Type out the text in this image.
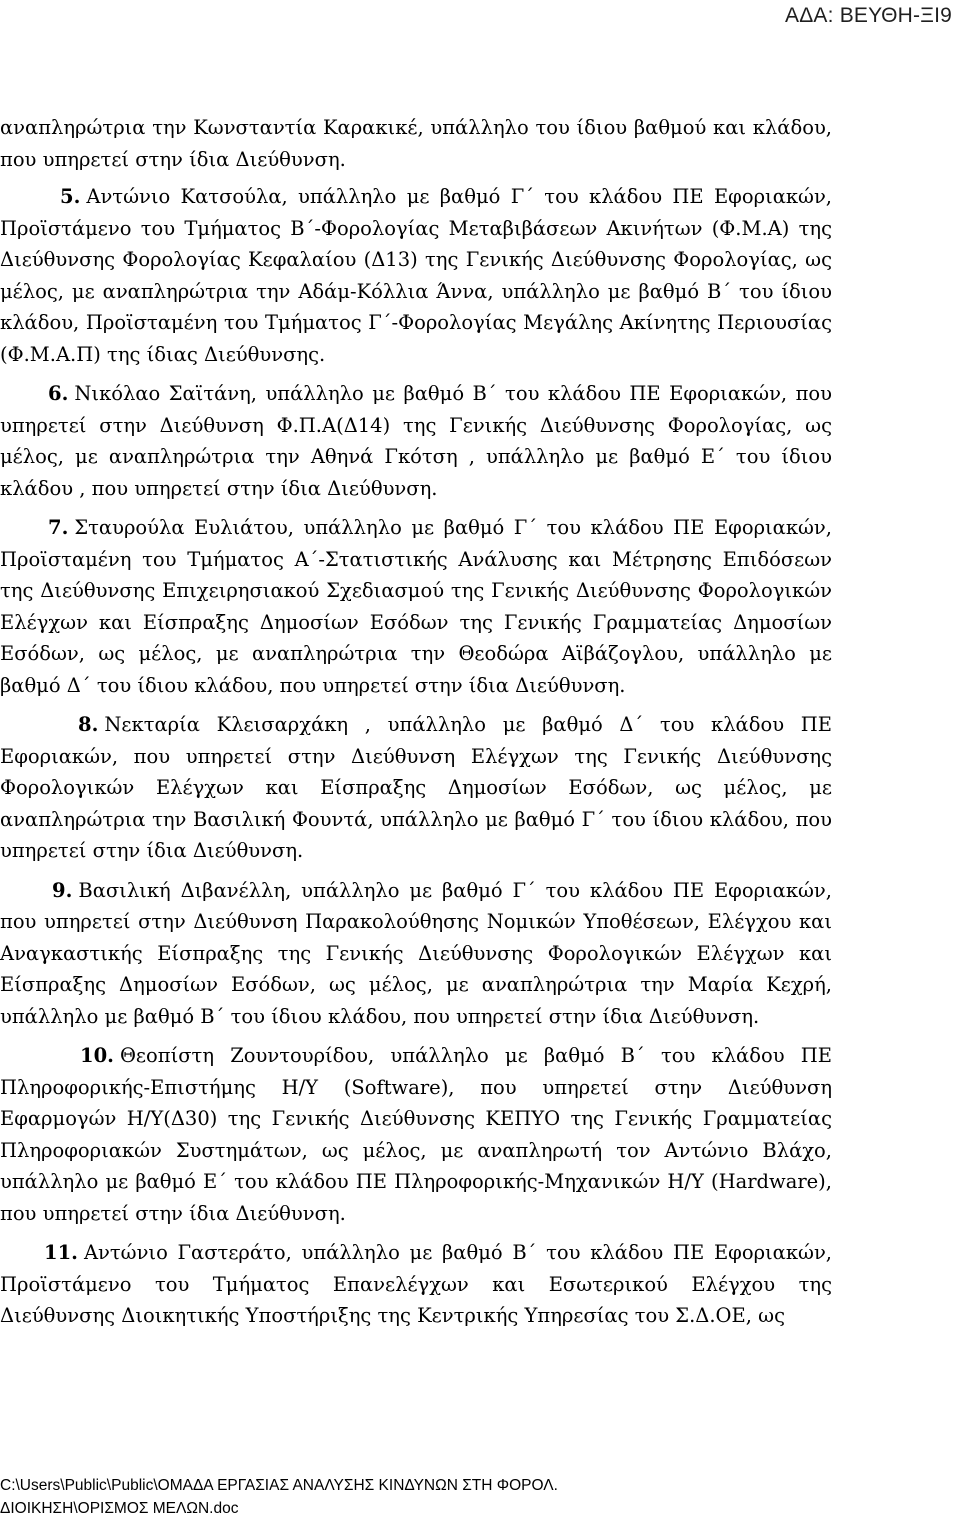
ΑΔΑ: ΒΕΥΘΗ-ΞΙ9

αναπληρώτρια την Κωνσταντία Καρακικέ, υπάλληλο του ίδιου βαθμού και κλάδου, που υπηρετεί στην ίδια Διεύθυνση.

5. Αντώνιο Κατσούλα, υπάλληλο με βαθμό Γ΄ του κλάδου ΠΕ Εφοριακών, Προϊστάμενο του Τμήματος Β΄-Φορολογίας Μεταβιβάσεων Ακινήτων (Φ.Μ.Α) της Διεύθυνσης Φορολογίας Κεφαλαίου (Δ13) της Γενικής Διεύθυνσης Φορολογίας, ως μέλος, με αναπληρώτρια την Αδάμ-Κόλλια Άννα, υπάλληλο με βαθμό Β΄ του ίδιου κλάδου, Προϊσταμένη του Τμήματος Γ΄-Φορολογίας Μεγάλης Ακίνητης Περιουσίας (Φ.Μ.Α.Π) της ίδιας Διεύθυνσης.

6. Νικόλαο Σαϊτάνη, υπάλληλο με βαθμό Β΄ του κλάδου ΠΕ Εφοριακών, που υπηρετεί στην Διεύθυνση Φ.Π.Α(Δ14) της Γενικής Διεύθυνσης Φορολογίας, ως μέλος, με αναπληρώτρια την Αθηνά Γκότση , υπάλληλο με βαθμό Ε΄ του ίδιου κλάδου , που υπηρετεί στην ίδια Διεύθυνση.

7. Σταυρούλα Ευλιάτου, υπάλληλο με βαθμό Γ΄ του κλάδου ΠΕ Εφοριακών, Προϊσταμένη του Τμήματος Α΄-Στατιστικής Ανάλυσης και Μέτρησης Επιδόσεων της Διεύθυνσης Επιχειρησιακού Σχεδιασμού της Γενικής Διεύθυνσης Φορολογικών Ελέγχων και Είσπραξης Δημοσίων Εσόδων της Γενικής Γραμματείας Δημοσίων Εσόδων, ως μέλος, με αναπληρώτρια την Θεοδώρα Αϊβάζογλου, υπάλληλο με βαθμό Δ΄ του ίδιου κλάδου, που υπηρετεί στην ίδια Διεύθυνση.

8. Νεκταρία Κλεισαρχάκη , υπάλληλο με βαθμό Δ΄ του κλάδου ΠΕ Εφοριακών, που υπηρετεί στην Διεύθυνση Ελέγχων της Γενικής Διεύθυνσης Φορολογικών Ελέγχων και Είσπραξης Δημοσίων Εσόδων, ως μέλος, με αναπληρώτρια την Βασιλική Φουντά, υπάλληλο με βαθμό Γ΄ του ίδιου κλάδου, που υπηρετεί στην ίδια Διεύθυνση.

9. Βασιλική Διβανέλλη, υπάλληλο με βαθμό Γ΄ του κλάδου ΠΕ Εφοριακών, που υπηρετεί στην Διεύθυνση Παρακολούθησης Νομικών Υποθέσεων, Ελέγχου και Αναγκαστικής Είσπραξης της Γενικής Διεύθυνσης Φορολογικών Ελέγχων και Είσπραξης Δημοσίων Εσόδων, ως μέλος, με αναπληρώτρια την Μαρία Κεχρή, υπάλληλο με βαθμό Β΄ του ίδιου κλάδου, που υπηρετεί στην ίδια Διεύθυνση.

10. Θεοπίστη Ζουντουρίδου, υπάλληλο με βαθμό Β΄ του κλάδου ΠΕ Πληροφορικής-Επιστήμης Η/Υ (Software), που υπηρετεί στην Διεύθυνση Εφαρμογών Η/Υ(Δ30) της Γενικής Διεύθυνσης ΚΕΠΥΟ της Γενικής Γραμματείας Πληροφοριακών Συστημάτων, ως μέλος, με αναπληρωτή τον Αντώνιο Βλάχο, υπάλληλο με βαθμό Ε΄ του κλάδου ΠΕ Πληροφορικής-Μηχανικών Η/Υ (Hardware), που υπηρετεί στην ίδια Διεύθυνση.

11. Αντώνιο Γαστεράτο, υπάλληλο με βαθμό Β΄ του κλάδου ΠΕ Εφοριακών, Προϊστάμενο του Τμήματος Επανελέγχων και Εσωτερικού Ελέγχου της Διεύθυνσης Διοικητικής Υποστήριξης της Κεντρικής Υπηρεσίας του Σ.Δ.ΟΕ, ως

C:\Users\Public\Public\ΟΜΑΔΑ ΕΡΓΑΣΙΑΣ ΑΝΑΛΥΣΗΣ ΚΙΝΔΥΝΩΝ ΣΤΗ ΦΟΡΟΛ.
ΔΙΟΙΚΗΣΗ\ΟΡΙΣΜΟΣ ΜΕΛΩΝ.doc
